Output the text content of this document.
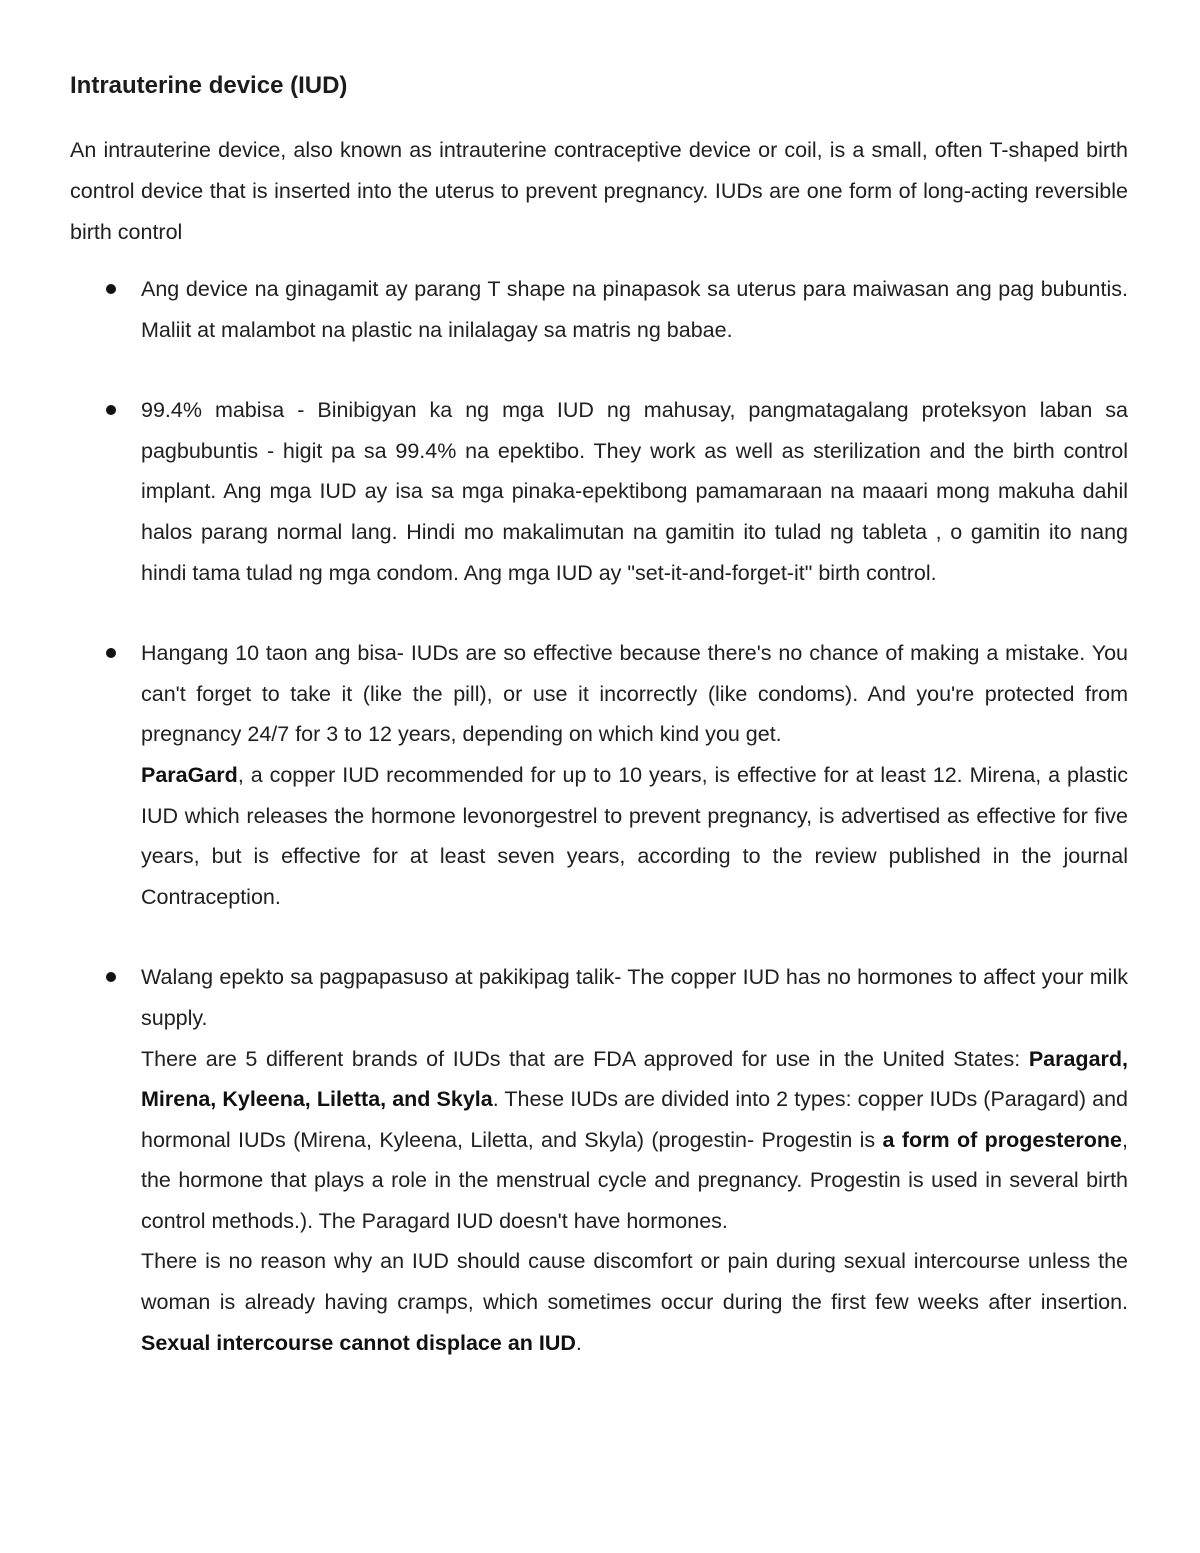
Intrauterine device (IUD)

An intrauterine device, also known as intrauterine contraceptive device or coil, is a small, often T-shaped birth control device that is inserted into the uterus to prevent pregnancy. IUDs are one form of long-acting reversible birth control

Ang device na ginagamit ay parang T shape na pinapasok sa uterus para maiwasan ang pag bubuntis. Maliit at malambot na plastic na inilalagay sa matris ng babae.

99.4% mabisa - Binibigyan ka ng mga IUD ng mahusay, pangmatagalang proteksyon laban sa pagbubuntis - higit pa sa 99.4% na epektibo. They work as well as sterilization and the birth control implant. Ang mga IUD ay isa sa mga pinaka-epektibong pamamaraan na maaari mong makuha dahil halos parang normal lang. Hindi mo makalimutan na gamitin ito tulad ng tableta , o gamitin ito nang hindi tama tulad ng mga condom. Ang mga IUD ay "set-it-and-forget-it" birth control.

Hangang 10 taon ang bisa- IUDs are so effective because there's no chance of making a mistake. You can't forget to take it (like the pill), or use it incorrectly (like condoms). And you're protected from pregnancy 24/7 for 3 to 12 years, depending on which kind you get.

ParaGard, a copper IUD recommended for up to 10 years, is effective for at least 12. Mirena, a plastic IUD which releases the hormone levonorgestrel to prevent pregnancy, is advertised as effective for five years, but is effective for at least seven years, according to the review published in the journal Contraception.

Walang epekto sa pagpapasuso at pakikipag talik- The copper IUD has no hormones to affect your milk supply.

There are 5 different brands of IUDs that are FDA approved for use in the United States: Paragard, Mirena, Kyleena, Liletta, and Skyla. These IUDs are divided into 2 types: copper IUDs (Paragard) and hormonal IUDs (Mirena, Kyleena, Liletta, and Skyla) (progestin- Progestin is a form of progesterone, the hormone that plays a role in the menstrual cycle and pregnancy. Progestin is used in several birth control methods.). The Paragard IUD doesn't have hormones.

There is no reason why an IUD should cause discomfort or pain during sexual intercourse unless the woman is already having cramps, which sometimes occur during the first few weeks after insertion. Sexual intercourse cannot displace an IUD.
